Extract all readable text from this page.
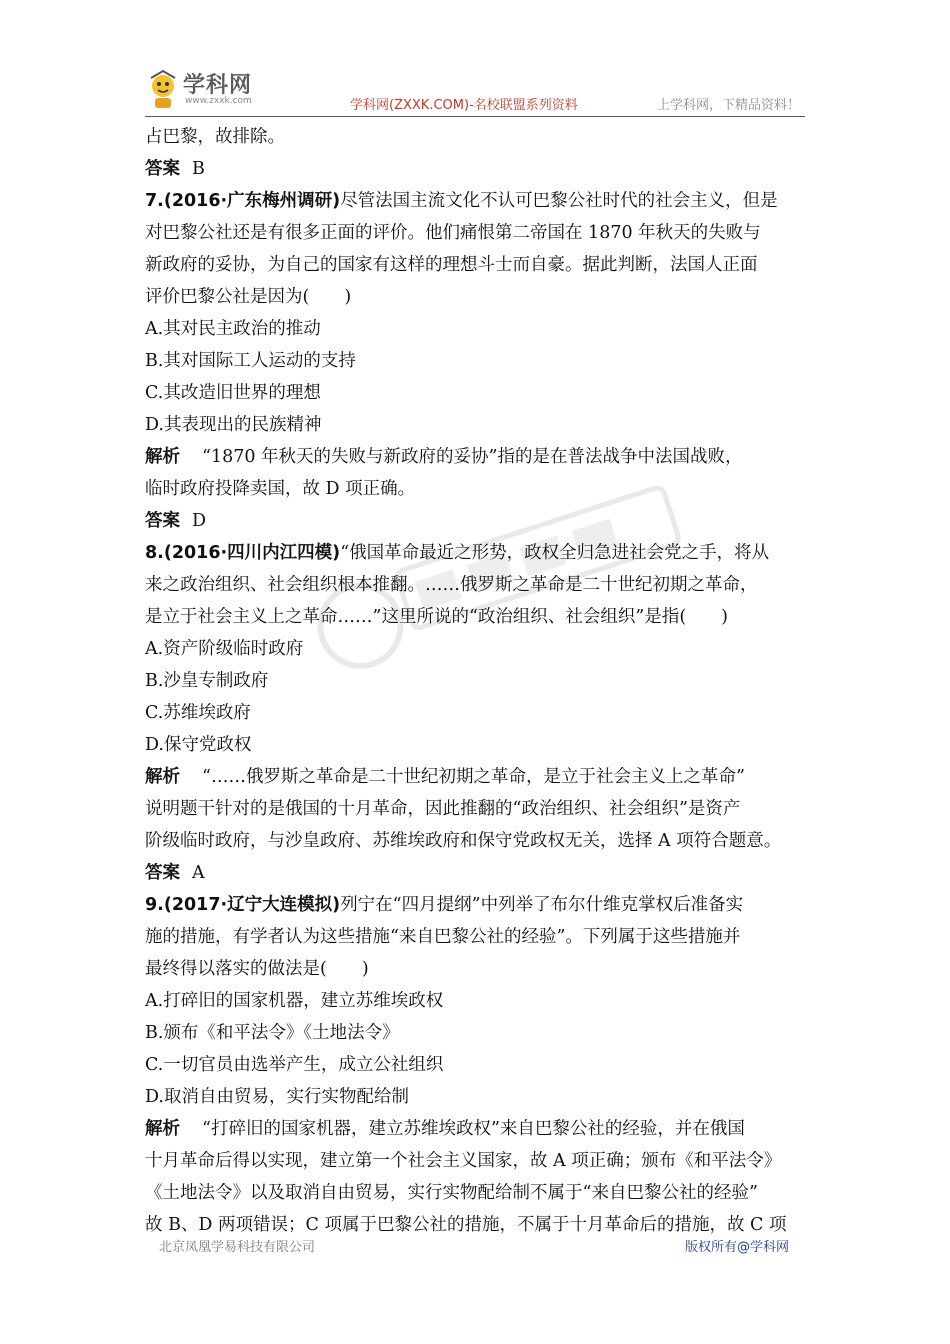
学科网
www.zxxk.com	学科网(ZXXK.COM)-名校联盟系列资料	上学科网，下精品资料！
占巴黎，故排除。
答案 B
7.(2016·广东梅州调研)尽管法国主流文化不认可巴黎公社时代的社会主义，但是
对巴黎公社还是有很多正面的评价。他们痛恨第二帝国在 1870 年秋天的失败与
新政府的妥协，为自己的国家有这样的理想斗士而自豪。据此判断，法国人正面
评价巴黎公社是因为(　　)
A.其对民主政治的推动
B.其对国际工人运动的支持
C.其改造旧世界的理想
D.其表现出的民族精神
解析 “1870 年秋天的失败与新政府的妥协”指的是在普法战争中法国战败，
临时政府投降卖国，故 D 项正确。
答案 D
8.(2016·四川内江四模)“俄国革命最近之形势，政权全归急进社会党之手，将从
来之政治组织、社会组织根本推翻。……俄罗斯之革命是二十世纪初期之革命，
是立于社会主义上之革命……”这里所说的“政治组织、社会组织”是指(　　)
A.资产阶级临时政府
B.沙皇专制政府
C.苏维埃政府
D.保守党政权
解析 “……俄罗斯之革命是二十世纪初期之革命，是立于社会主义上之革命”
说明题干针对的是俄国的十月革命，因此推翻的“政治组织、社会组织”是资产
阶级临时政府，与沙皇政府、苏维埃政府和保守党政权无关，选择 A 项符合题意。
答案 A
9.(2017·辽宁大连模拟)列宁在“四月提纲”中列举了布尔什维克掌权后准备实
施的措施，有学者认为这些措施“来自巴黎公社的经验”。下列属于这些措施并
最终得以落实的做法是(　　)
A.打碎旧的国家机器，建立苏维埃政权
B.颁布《和平法令》《土地法令》
C.一切官员由选举产生，成立公社组织
D.取消自由贸易，实行实物配给制
解析 “打碎旧的国家机器，建立苏维埃政权”来自巴黎公社的经验，并在俄国
十月革命后得以实现，建立第一个社会主义国家，故 A 项正确；颁布《和平法令》
《土地法令》以及取消自由贸易，实行实物配给制不属于“来自巴黎公社的经验”
故 B、D 两项错误；C 项属于巴黎公社的措施，不属于十月革命后的措施，故 C 项
北京凤凰学易科技有限公司	版权所有@学科网
